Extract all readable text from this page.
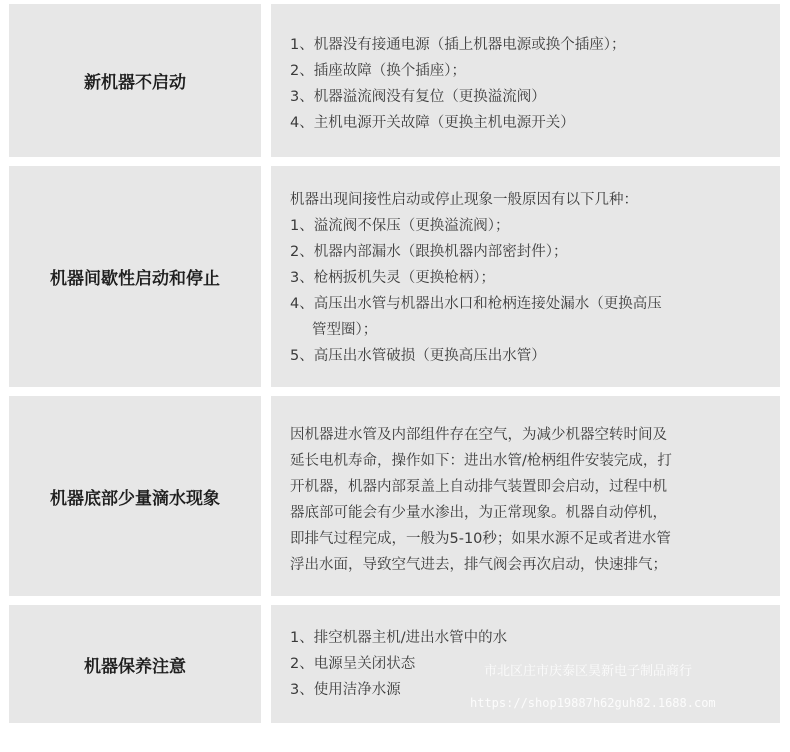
新机器不启动
1、机器没有接通电源（插上机器电源或换个插座）；
2、插座故障（换个插座）；
3、机器溢流阀没有复位（更换溢流阀）
4、主机电源开关故障（更换主机电源开关）
机器间歇性启动和停止
机器出现间接性启动或停止现象一般原因有以下几种：
1、溢流阀不保压（更换溢流阀）；
2、机器内部漏水（跟换机器内部密封件）；
3、枪柄扳机失灵（更换枪柄）；
4、高压出水管与机器出水口和枪柄连接处漏水（更换高压
管型圈）；
5、高压出水管破损（更换高压出水管）
机器底部少量滴水现象
因机器进水管及内部组件存在空气，为减少机器空转时间及
延长电机寿命，操作如下：进出水管/枪柄组件安装完成，打
开机器，机器内部泵盖上自动排气装置即会启动，过程中机
器底部可能会有少量水渗出，为正常现象。机器自动停机，
即排气过程完成，一般为5-10秒；如果水源不足或者进水管
浮出水面，导致空气进去，排气阀会再次启动，快速排气；
机器保养注意
1、排空机器主机/进出水管中的水
2、电源呈关闭状态
3、使用洁净水源
市北区庄市庆泰区昊新电子制品商行
https://shop19887h62guh82.1688.com
